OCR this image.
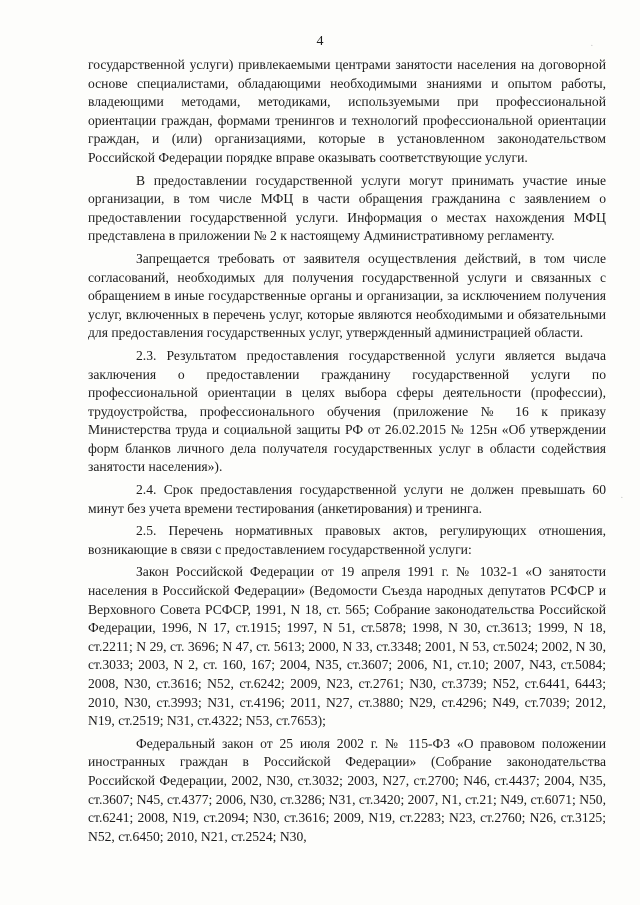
·
·
4

государственной услуги) привлекаемыми центрами занятости населения на договорной основе специалистами, обладающими необходимыми знаниями и опытом работы, владеющими методами, методиками, используемыми при профессиональной ориентации граждан, формами тренингов и технологий профессиональной ориентации граждан, и (или) организациями, которые в установленном законодательством Российской Федерации порядке вправе оказывать соответствующие услуги.

В предоставлении государственной услуги могут принимать участие иные организации, в том числе МФЦ в части обращения гражданина с заявлением о предоставлении государственной услуги. Информация о местах нахождения МФЦ представлена в приложении № 2 к настоящему Административному регламенту.

Запрещается требовать от заявителя осуществления действий, в том числе согласований, необходимых для получения государственной услуги и связанных с обращением в иные государственные органы и организации, за исключением получения услуг, включенных в перечень услуг, которые являются необходимыми и обязательными для предоставления государственных услуг, утвержденный администрацией области.

2.3. Результатом предоставления государственной услуги является выдача заключения о предоставлении гражданину государственной услуги по профессиональной ориентации в целях выбора сферы деятельности (профессии), трудоустройства, профессионального обучения (приложение № 16 к приказу Министерства труда и социальной защиты РФ от 26.02.2015 № 125н «Об утверждении форм бланков личного дела получателя государственных услуг в области содействия занятости населения»).

2.4. Срок предоставления государственной услуги не должен превышать 60 минут без учета времени тестирования (анкетирования) и тренинга.

2.5. Перечень нормативных правовых актов, регулирующих отношения, возникающие в связи с предоставлением государственной услуги:

Закон Российской Федерации от 19 апреля 1991 г. № 1032-1 «О занятости населения в Российской Федерации» (Ведомости Съезда народных депутатов РСФСР и Верховного Совета РСФСР, 1991, N 18, ст. 565; Собрание законодательства Российской Федерации, 1996, N 17, ст.1915; 1997, N 51, ст.5878; 1998, N 30, ст.3613; 1999, N 18, ст.2211; N 29, ст. 3696; N 47, ст. 5613; 2000, N 33, ст.3348; 2001, N 53, ст.5024; 2002, N 30, ст.3033; 2003, N 2, ст. 160, 167; 2004, N35, ст.3607; 2006, N1, ст.10; 2007, N43, ст.5084; 2008, N30, ст.3616; N52, ст.6242; 2009, N23, ст.2761; N30, ст.3739; N52, ст.6441, 6443; 2010, N30, ст.3993; N31, ст.4196; 2011, N27, ст.3880; N29, ст.4296; N49, ст.7039; 2012, N19, ст.2519; N31, ст.4322; N53, ст.7653);

Федеральный закон от 25 июля 2002 г. № 115-ФЗ «О правовом положении иностранных граждан в Российской Федерации» (Собрание законодательства Российской Федерации, 2002, N30, ст.3032; 2003, N27, ст.2700; N46, ст.4437; 2004, N35, ст.3607; N45, ст.4377; 2006, N30, ст.3286; N31, ст.3420; 2007, N1, ст.21; N49, ст.6071; N50, ст.6241; 2008, N19, ст.2094; N30, ст.3616; 2009, N19, ст.2283; N23, ст.2760; N26, ст.3125; N52, ст.6450; 2010, N21, ст.2524; N30,
